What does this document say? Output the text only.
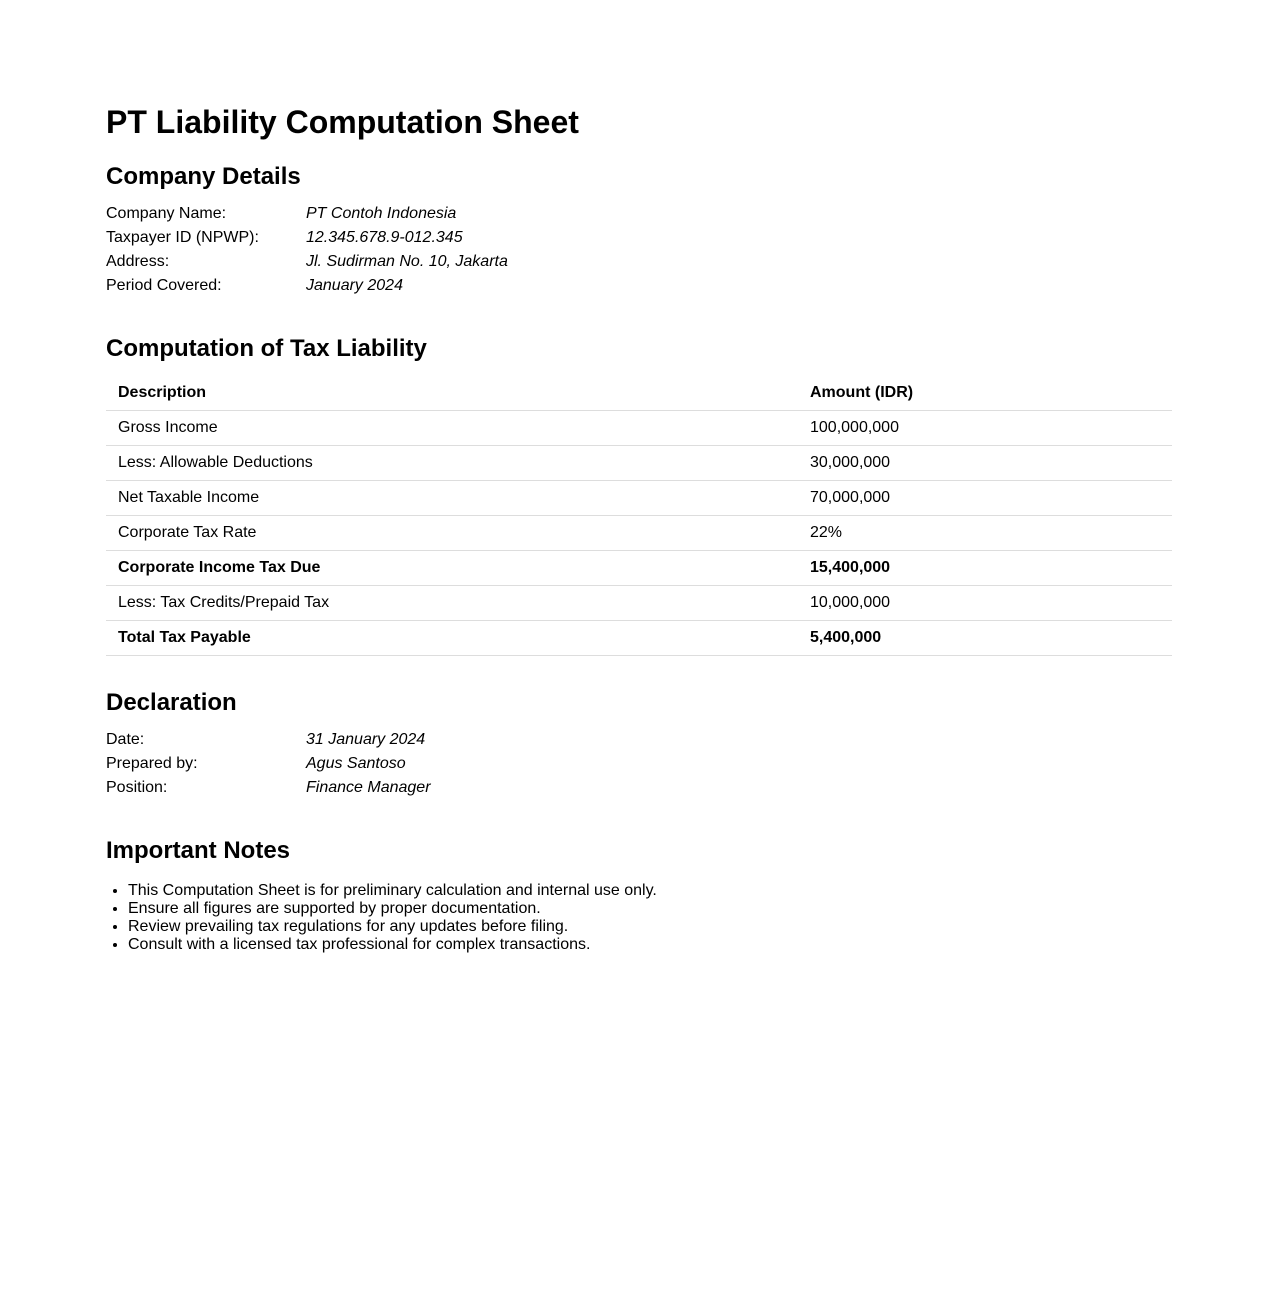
PT Liability Computation Sheet
Company Details
Company Name:	PT Contoh Indonesia
Taxpayer ID (NPWP):	12.345.678.9-012.345
Address:	Jl. Sudirman No. 10, Jakarta
Period Covered:	January 2024
Computation of Tax Liability
Description	Amount (IDR)
Gross Income	100,000,000
Less: Allowable Deductions	30,000,000
Net Taxable Income	70,000,000
Corporate Tax Rate	22%
Corporate Income Tax Due	15,400,000
Less: Tax Credits/Prepaid Tax	10,000,000
Total Tax Payable	5,400,000
Declaration
Date:	31 January 2024
Prepared by:	Agus Santoso
Position:	Finance Manager
Important Notes
• This Computation Sheet is for preliminary calculation and internal use only.
• Ensure all figures are supported by proper documentation.
• Review prevailing tax regulations for any updates before filing.
• Consult with a licensed tax professional for complex transactions.
